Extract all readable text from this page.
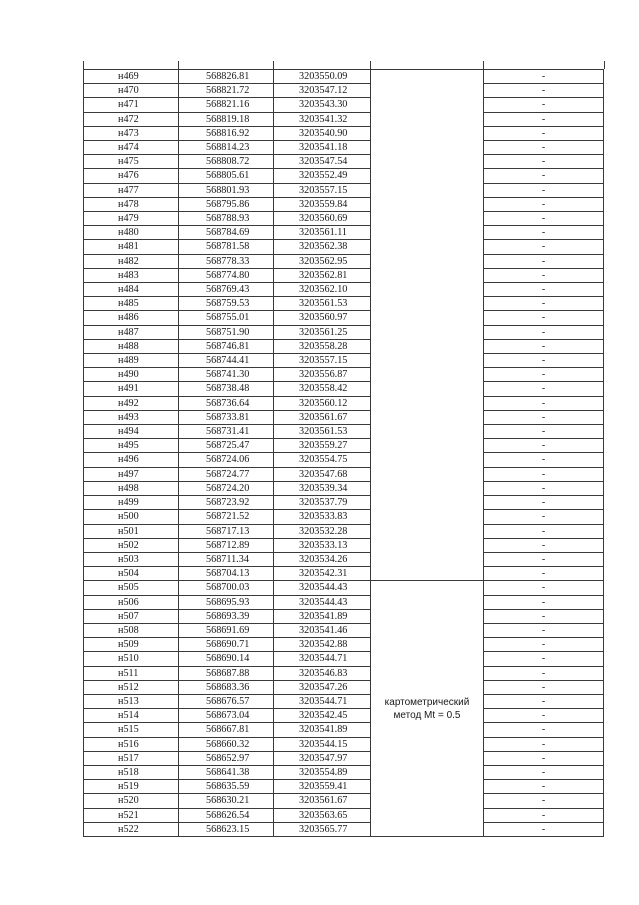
н469	568826.81	3203550.09		-
н470	568821.72	3203547.12		-
н471	568821.16	3203543.30		-
н472	568819.18	3203541.32		-
н473	568816.92	3203540.90		-
н474	568814.23	3203541.18		-
н475	568808.72	3203547.54		-
н476	568805.61	3203552.49		-
н477	568801.93	3203557.15		-
н478	568795.86	3203559.84		-
н479	568788.93	3203560.69		-
н480	568784.69	3203561.11		-
н481	568781.58	3203562.38		-
н482	568778.33	3203562.95		-
н483	568774.80	3203562.81		-
н484	568769.43	3203562.10		-
н485	568759.53	3203561.53		-
н486	568755.01	3203560.97		-
н487	568751.90	3203561.25		-
н488	568746.81	3203558.28		-
н489	568744.41	3203557.15		-
н490	568741.30	3203556.87		-
н491	568738.48	3203558.42		-
н492	568736.64	3203560.12		-
н493	568733.81	3203561.67		-
н494	568731.41	3203561.53		-
н495	568725.47	3203559.27		-
н496	568724.06	3203554.75		-
н497	568724.77	3203547.68		-
н498	568724.20	3203539.34		-
н499	568723.92	3203537.79		-
н500	568721.52	3203533.83		-
н501	568717.13	3203532.28		-
н502	568712.89	3203533.13		-
н503	568711.34	3203534.26		-
н504	568704.13	3203542.31		-
н505	568700.03	3203544.43	картометрический
метод Mt = 0.5	-
н506	568695.93	3203544.43		-
н507	568693.39	3203541.89		-
н508	568691.69	3203541.46		-
н509	568690.71	3203542.88		-
н510	568690.14	3203544.71		-
н511	568687.88	3203546.83		-
н512	568683.36	3203547.26		-
н513	568676.57	3203544.71		-
н514	568673.04	3203542.45		-
н515	568667.81	3203541.89		-
н516	568660.32	3203544.15		-
н517	568652.97	3203547.97		-
н518	568641.38	3203554.89		-
н519	568635.59	3203559.41		-
н520	568630.21	3203561.67		-
н521	568626.54	3203563.65		-
н522	568623.15	3203565.77		-
